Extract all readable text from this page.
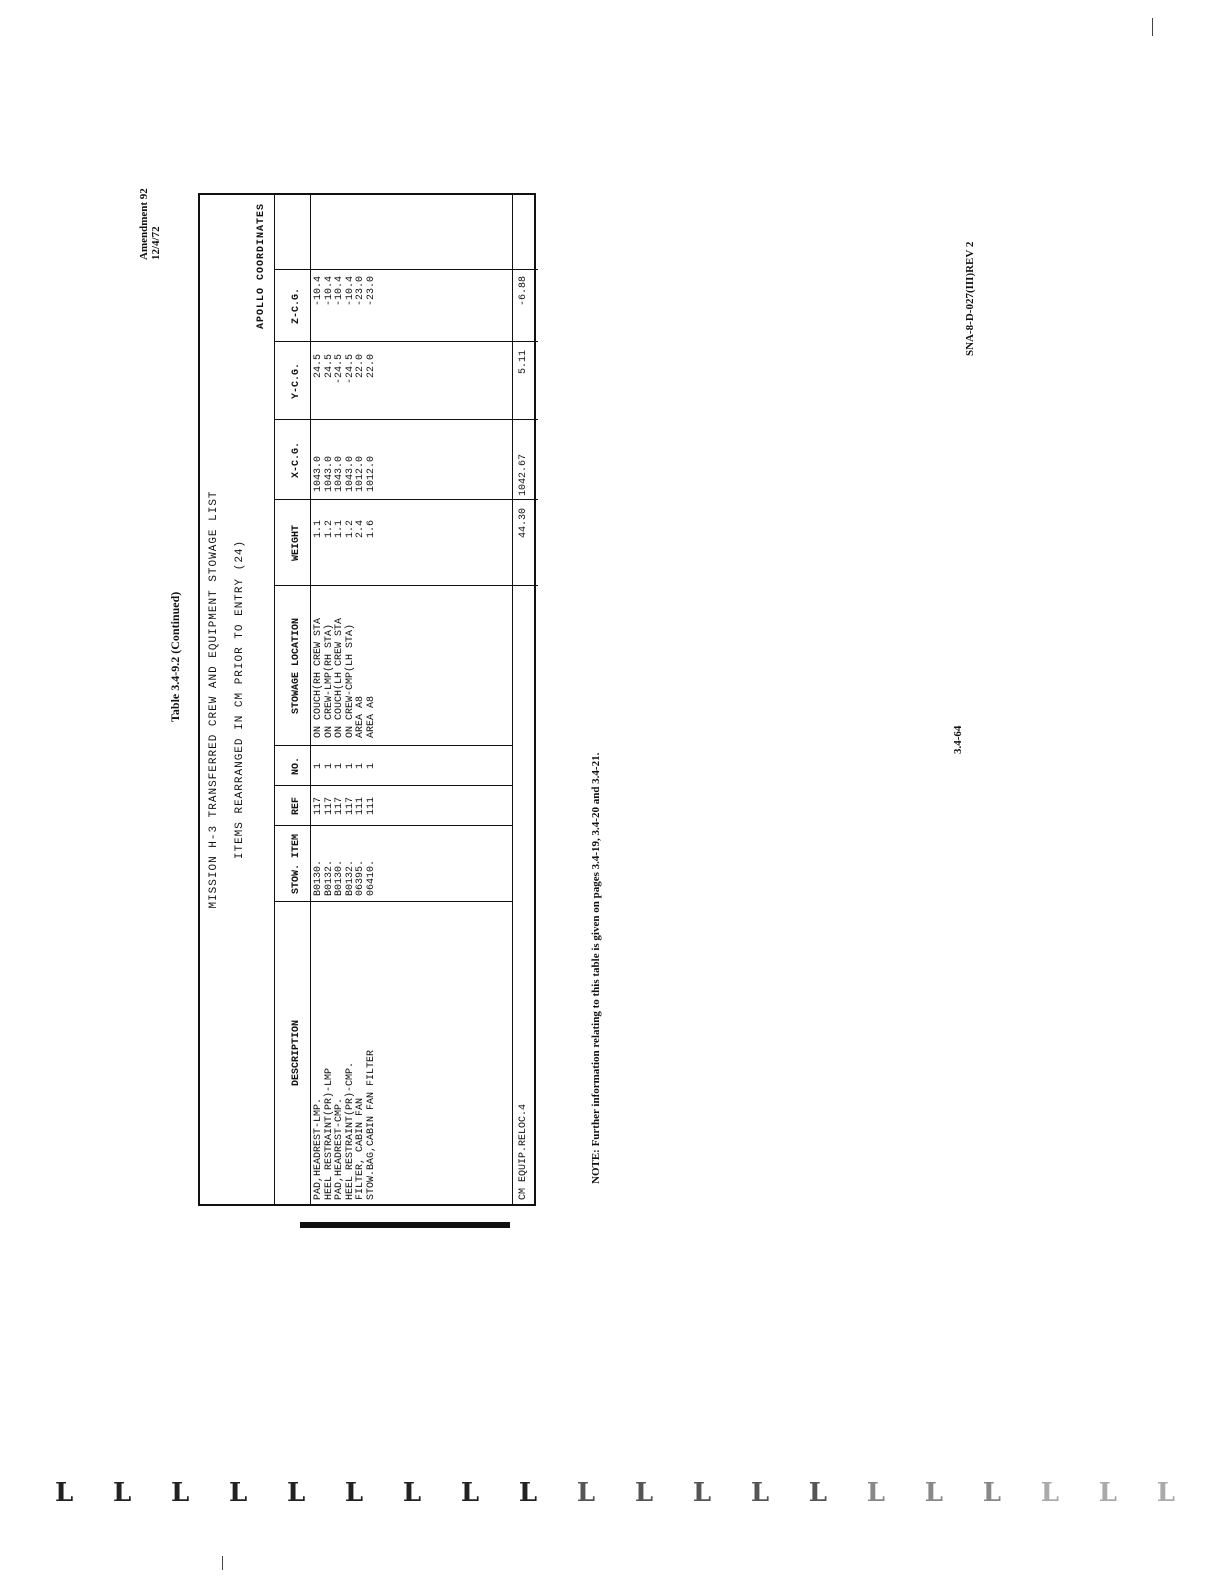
Amendment 92 12/4/72
Table 3.4-9.2 (Continued) MISSION H-3 TRANSFERRED CREW AND EQUIPMENT STOWAGE LIST ITEMS REARRANGED IN CM PRIOR TO ENTRY (24)
APOLLO COORDINATES
DESCRIPTION
STOW. ITEM
REF
NO.
STOWAGE LOCATION
WEIGHT
X-C.G.
Y-C.G.
Z-C.G.
PAD,HEADREST-LMP. HEEL RESTRAINT(PR)-LMP PAD,HEADREST-CMP. HEEL RESTRAINT(PR)-CMP. FILTER, CABIN FAN STOW.BAG,CABIN FAN FILTER
B0130. B0132. B0130. B0132. 06395. 06410.
117 117 117 117 111 111
1 1 1 1 1 1
ON COUCH(RH CREW STA ON CREW-LMP(RH STA) ON COUCH(LH CREW STA ON CREW-CMP(LH STA) AREA A8 AREA A8
1.1 1.2 1.1 1.2 2.4 1.6
1043.0 1043.0 1043.0 1043.0 1012.0 1012.0
24.5 24.5 -24.5 -24.5 22.0 22.0
-10.4 -10.4 -10.4 -10.4 -23.0 -23.0
CM EQUIP.RELOC.4
44.30
1042.67
5.11
-6.88
NOTE: Further information relating to this table is given on pages 3.4-19, 3.4-20 and 3.4-21.
3.4-64
SNA-8-D-027(III)REV 2
L L L L L L L L L L L L L L L L L L L L
